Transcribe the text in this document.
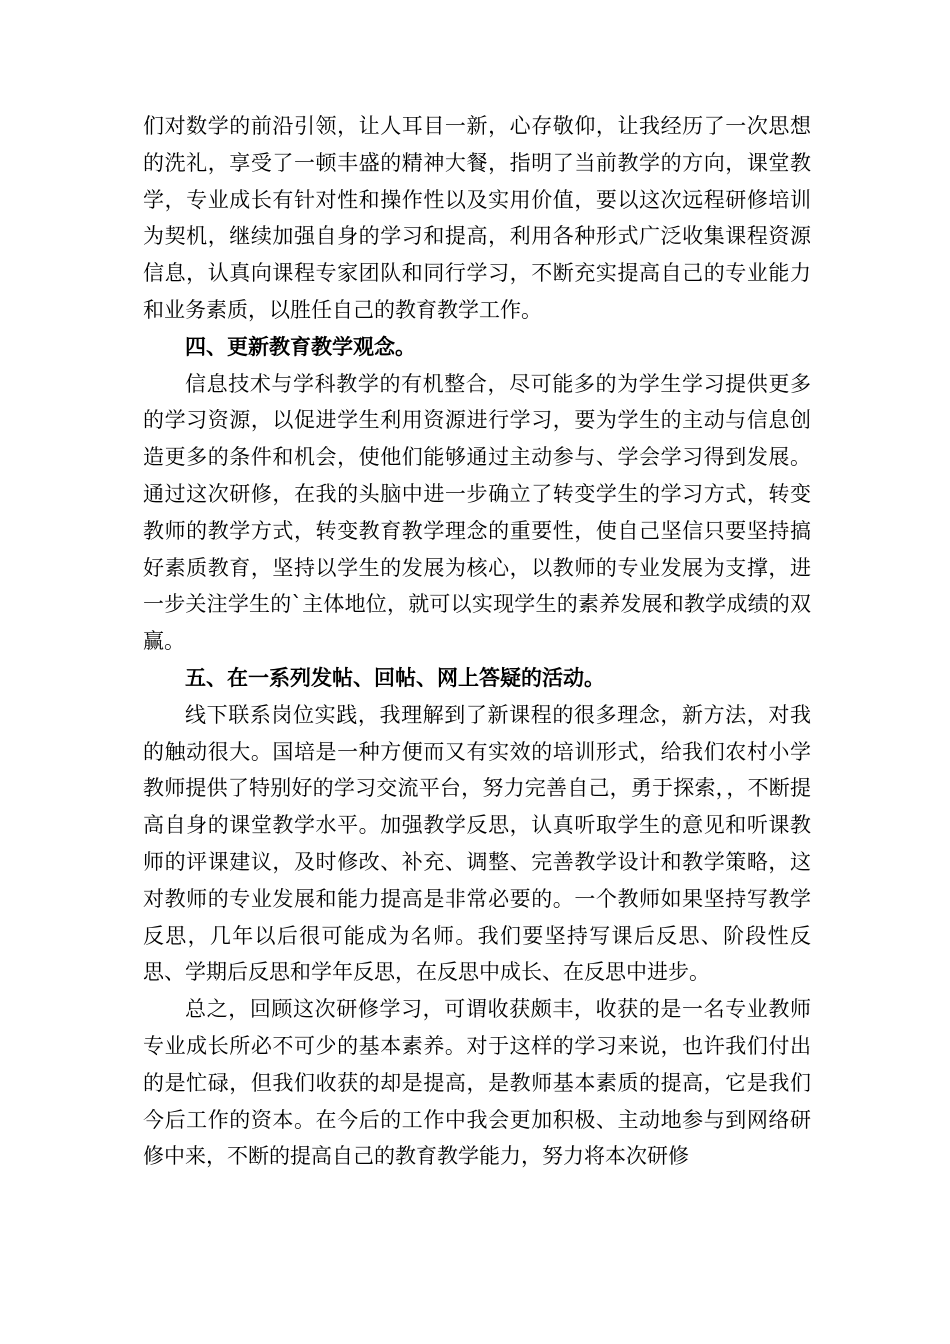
们对数学的前沿引领，让人耳目一新，心存敬仰，让我经历了一次思想的洗礼，享受了一顿丰盛的精神大餐，指明了当前教学的方向，课堂教学，专业成长有针对性和操作性以及实用价值，要以这次远程研修培训为契机，继续加强自身的学习和提高，利用各种形式广泛收集课程资源信息，认真向课程专家团队和同行学习，不断充实提高自己的专业能力和业务素质，以胜任自己的教育教学工作。

四、更新教育教学观念。

信息技术与学科教学的有机整合，尽可能多的为学生学习提供更多的学习资源，以促进学生利用资源进行学习，要为学生的主动与信息创造更多的条件和机会，使他们能够通过主动参与、学会学习得到发展。通过这次研修，在我的头脑中进一步确立了转变学生的学习方式，转变教师的教学方式，转变教育教学理念的重要性，使自己坚信只要坚持搞好素质教育，坚持以学生的发展为核心，以教师的专业发展为支撑，进一步关注学生的`主体地位，就可以实现学生的素养发展和教学成绩的双赢。

五、在一系列发帖、回帖、网上答疑的活动。

线下联系岗位实践，我理解到了新课程的很多理念，新方法，对我的触动很大。国培是一种方便而又有实效的培训形式，给我们农村小学教师提供了特别好的学习交流平台，努力完善自己，勇于探索，，不断提高自身的课堂教学水平。加强教学反思，认真听取学生的意见和听课教师的评课建议，及时修改、补充、调整、完善教学设计和教学策略，这对教师的专业发展和能力提高是非常必要的。一个教师如果坚持写教学反思，几年以后很可能成为名师。我们要坚持写课后反思、阶段性反思、学期后反思和学年反思，在反思中成长、在反思中进步。

总之，回顾这次研修学习，可谓收获颇丰，收获的是一名专业教师专业成长所必不可少的基本素养。对于这样的学习来说，也许我们付出的是忙碌，但我们收获的却是提高，是教师基本素质的提高，它是我们今后工作的资本。在今后的工作中我会更加积极、主动地参与到网络研修中来，不断的提高自己的教育教学能力，努力将本次研修
